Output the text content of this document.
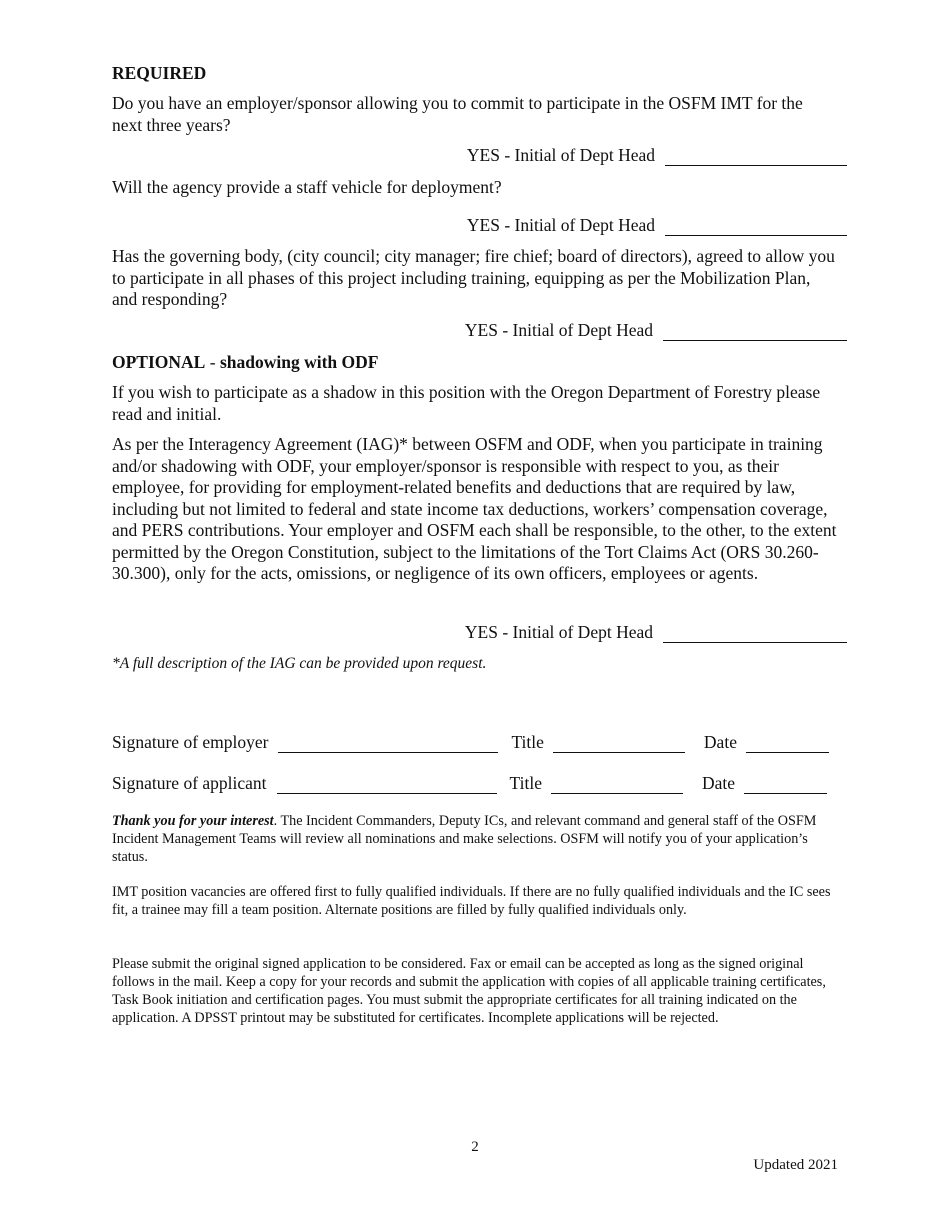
REQUIRED

Do you have an employer/sponsor allowing you to commit to participate in the OSFM IMT for the next three years?

YES - Initial of Dept Head

Will the agency provide a staff vehicle for deployment?

YES - Initial of Dept Head

Has the governing body, (city council; city manager; fire chief; board of directors), agreed to allow you to participate in all phases of this project including training, equipping as per the Mobilization Plan, and responding?

YES - Initial of Dept Head
OPTIONAL - shadowing with ODF

If you wish to participate as a shadow in this position with the Oregon Department of Forestry please read and initial.

As per the Interagency Agreement (IAG)* between OSFM and ODF, when you participate in training and/or shadowing with ODF, your employer/sponsor is responsible with respect to you, as their employee, for providing for employment-related benefits and deductions that are required by law, including but not limited to federal and state income tax deductions, workers’ compensation coverage, and PERS contributions. Your employer and OSFM each shall be responsible, to the other, to the extent permitted by the Oregon Constitution, subject to the limitations of the Tort Claims Act (ORS 30.260-30.300), only for the acts, omissions, or negligence of its own officers, employees or agents.

YES - Initial of Dept Head

*A full description of the IAG can be provided upon request.

Signature of employer	Title	Date
Signature of applicant	Title	Date

Thank you for your interest. The Incident Commanders, Deputy ICs, and relevant command and general staff of the OSFM Incident Management Teams will review all nominations and make selections. OSFM will notify you of your application’s status.

IMT position vacancies are offered first to fully qualified individuals. If there are no fully qualified individuals and the IC sees fit, a trainee may fill a team position. Alternate positions are filled by fully qualified individuals only.

Please submit the original signed application to be considered. Fax or email can be accepted as long as the signed original follows in the mail. Keep a copy for your records and submit the application with copies of all applicable training certificates, Task Book initiation and certification pages. You must submit the appropriate certificates for all training indicated on the application. A DPSST printout may be substituted for certificates. Incomplete applications will be rejected.

2
Updated 2021
